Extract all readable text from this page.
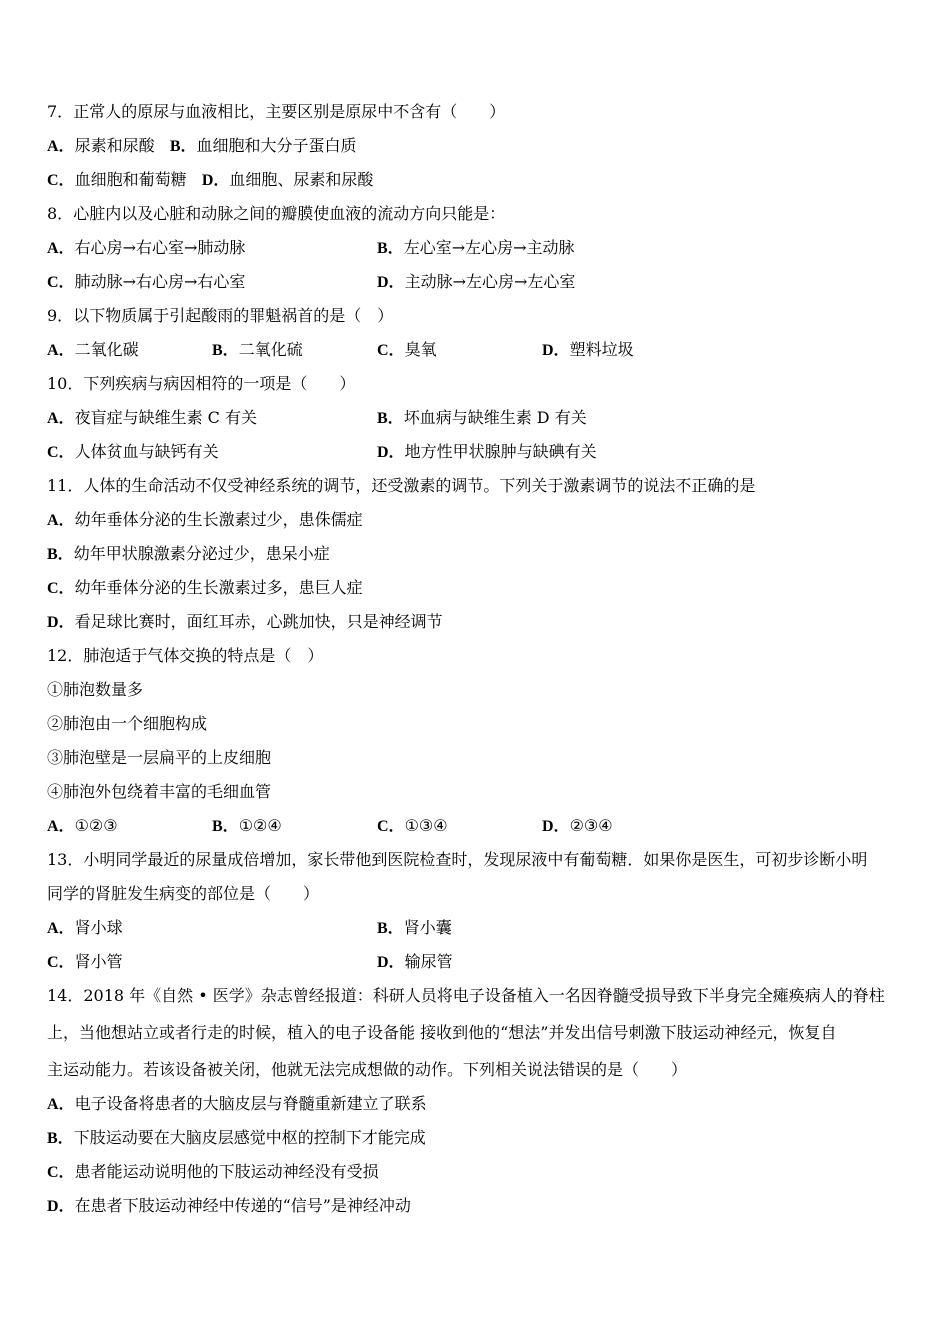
7．正常人的原尿与血液相比，主要区别是原尿中不含有（　　）
A．尿素和尿酸 B．血细胞和大分子蛋白质
C．血细胞和葡萄糖 D．血细胞、尿素和尿酸
8．心脏内以及心脏和动脉之间的瓣膜使血液的流动方向只能是：
A．右心房→右心室→肺动脉	B．左心室→左心房→主动脉
C．肺动脉→右心房→右心室	D．主动脉→左心房→左心室
9．以下物质属于引起酸雨的罪魁祸首的是（　）
A．二氧化碳	B．二氧化硫	C．臭氧	D．塑料垃圾
10．下列疾病与病因相符的一项是（　　）
A．夜盲症与缺维生素 C 有关	B．坏血病与缺维生素 D 有关
C．人体贫血与缺钙有关	D．地方性甲状腺肿与缺碘有关
11．人体的生命活动不仅受神经系统的调节，还受激素的调节。下列关于激素调节的说法不正确的是
A．幼年垂体分泌的生长激素过少，患侏儒症
B．幼年甲状腺激素分泌过少，患呆小症
C．幼年垂体分泌的生长激素过多，患巨人症
D．看足球比赛时，面红耳赤，心跳加快，只是神经调节
12．肺泡适于气体交换的特点是（　）
①肺泡数量多
②肺泡由一个细胞构成
③肺泡壁是一层扁平的上皮细胞
④肺泡外包绕着丰富的毛细血管
A．①②③	B．①②④	C．①③④	D．②③④
13．小明同学最近的尿量成倍增加，家长带他到医院检查时，发现尿液中有葡萄糖．如果你是医生，可初步诊断小明
同学的肾脏发生病变的部位是（　　）
A．肾小球	B．肾小囊
C．肾小管	D．输尿管
14．2018 年《自然 • 医学》杂志曾经报道：科研人员将电子设备植入一名因脊髓受损导致下半身完全瘫痪病人的脊柱
上，当他想站立或者行走的时候，植入的电子设备能 接收到他的“想法”并发出信号刺激下肢运动神经元，恢复自
主运动能力。若该设备被关闭，他就无法完成想做的动作。下列相关说法错误的是（　　）
A．电子设备将患者的大脑皮层与脊髓重新建立了联系
B．下肢运动要在大脑皮层感觉中枢的控制下才能完成
C．患者能运动说明他的下肢运动神经没有受损
D．在患者下肢运动神经中传递的“信号”是神经冲动
